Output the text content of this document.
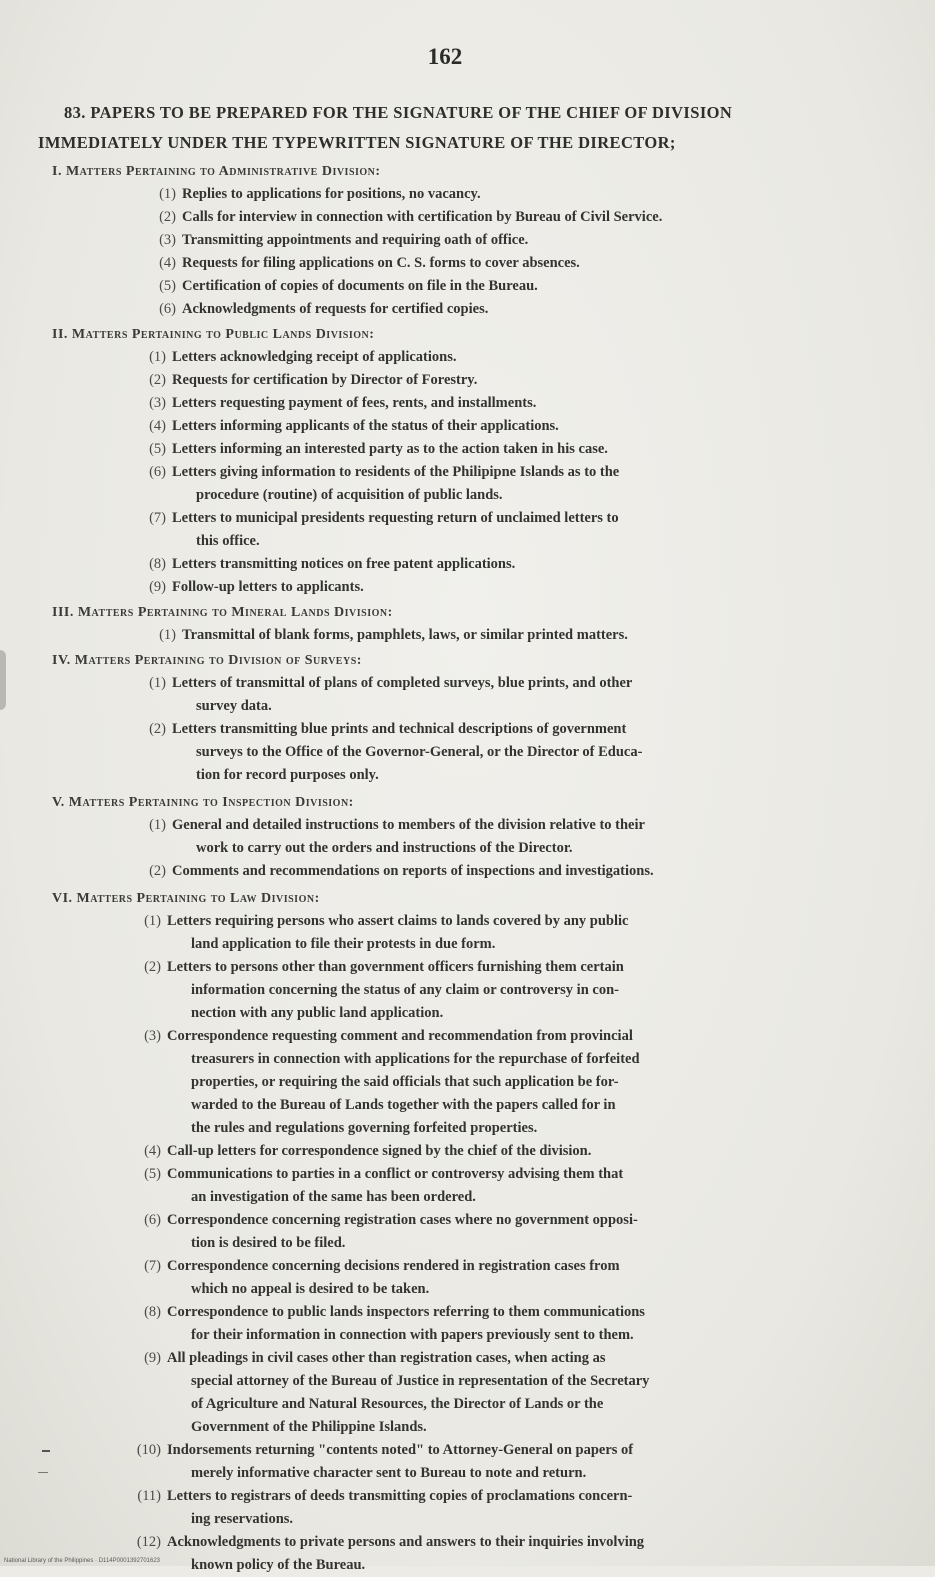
162
83. PAPERS TO BE PREPARED FOR THE SIGNATURE OF THE CHIEF OF DIVISION
IMMEDIATELY UNDER THE TYPEWRITTEN SIGNATURE OF THE DIRECTOR;
I. Matters Pertaining to Administrative Division:
(1) Replies to applications for positions, no vacancy.
(2) Calls for interview in connection with certification by Bureau of Civil Service.
(3) Transmitting appointments and requiring oath of office.
(4) Requests for filing applications on C. S. forms to cover absences.
(5) Certification of copies of documents on file in the Bureau.
(6) Acknowledgments of requests for certified copies.
II. Matters Pertaining to Public Lands Division:
(1) Letters acknowledging receipt of applications.
(2) Requests for certification by Director of Forestry.
(3) Letters requesting payment of fees, rents, and installments.
(4) Letters informing applicants of the status of their applications.
(5) Letters informing an interested party as to the action taken in his case.
(6) Letters giving information to residents of the Philipipne Islands as to the
procedure (routine) of acquisition of public lands.
(7) Letters to municipal presidents requesting return of unclaimed letters to
this office.
(8) Letters transmitting notices on free patent applications.
(9) Follow-up letters to applicants.
III. Matters Pertaining to Mineral Lands Division:
(1) Transmittal of blank forms, pamphlets, laws, or similar printed matters.
IV. Matters Pertaining to Division of Surveys:
(1) Letters of transmittal of plans of completed surveys, blue prints, and other
survey data.
(2) Letters transmitting blue prints and technical descriptions of government
surveys to the Office of the Governor-General, or the Director of Educa-
tion for record purposes only.
V. Matters Pertaining to Inspection Division:
(1) General and detailed instructions to members of the division relative to their
work to carry out the orders and instructions of the Director.
(2) Comments and recommendations on reports of inspections and investigations.
VI. Matters Pertaining to Law Division:
(1) Letters requiring persons who assert claims to lands covered by any public
land application to file their protests in due form.
(2) Letters to persons other than government officers furnishing them certain
information concerning the status of any claim or controversy in con-
nection with any public land application.
(3) Correspondence requesting comment and recommendation from provincial
treasurers in connection with applications for the repurchase of forfeited
properties, or requiring the said officials that such application be for-
warded to the Bureau of Lands together with the papers called for in
the rules and regulations governing forfeited properties.
(4) Call-up letters for correspondence signed by the chief of the division.
(5) Communications to parties in a conflict or controversy advising them that
an investigation of the same has been ordered.
(6) Correspondence concerning registration cases where no government opposi-
tion is desired to be filed.
(7) Correspondence concerning decisions rendered in registration cases from
which no appeal is desired to be taken.
(8) Correspondence to public lands inspectors referring to them communications
for their information in connection with papers previously sent to them.
(9) All pleadings in civil cases other than registration cases, when acting as
special attorney of the Bureau of Justice in representation of the Secretary
of Agriculture and Natural Resources, the Director of Lands or the
Government of the Philippine Islands.
(10) Indorsements returning "contents noted" to Attorney-General on papers of
merely informative character sent to Bureau to note and return.
(11) Letters to registrars of deeds transmitting copies of proclamations concern-
ing reservations.
(12) Acknowledgments to private persons and answers to their inquiries involving
known policy of the Bureau.
National Library of the Philippines · D114P0001392701623
